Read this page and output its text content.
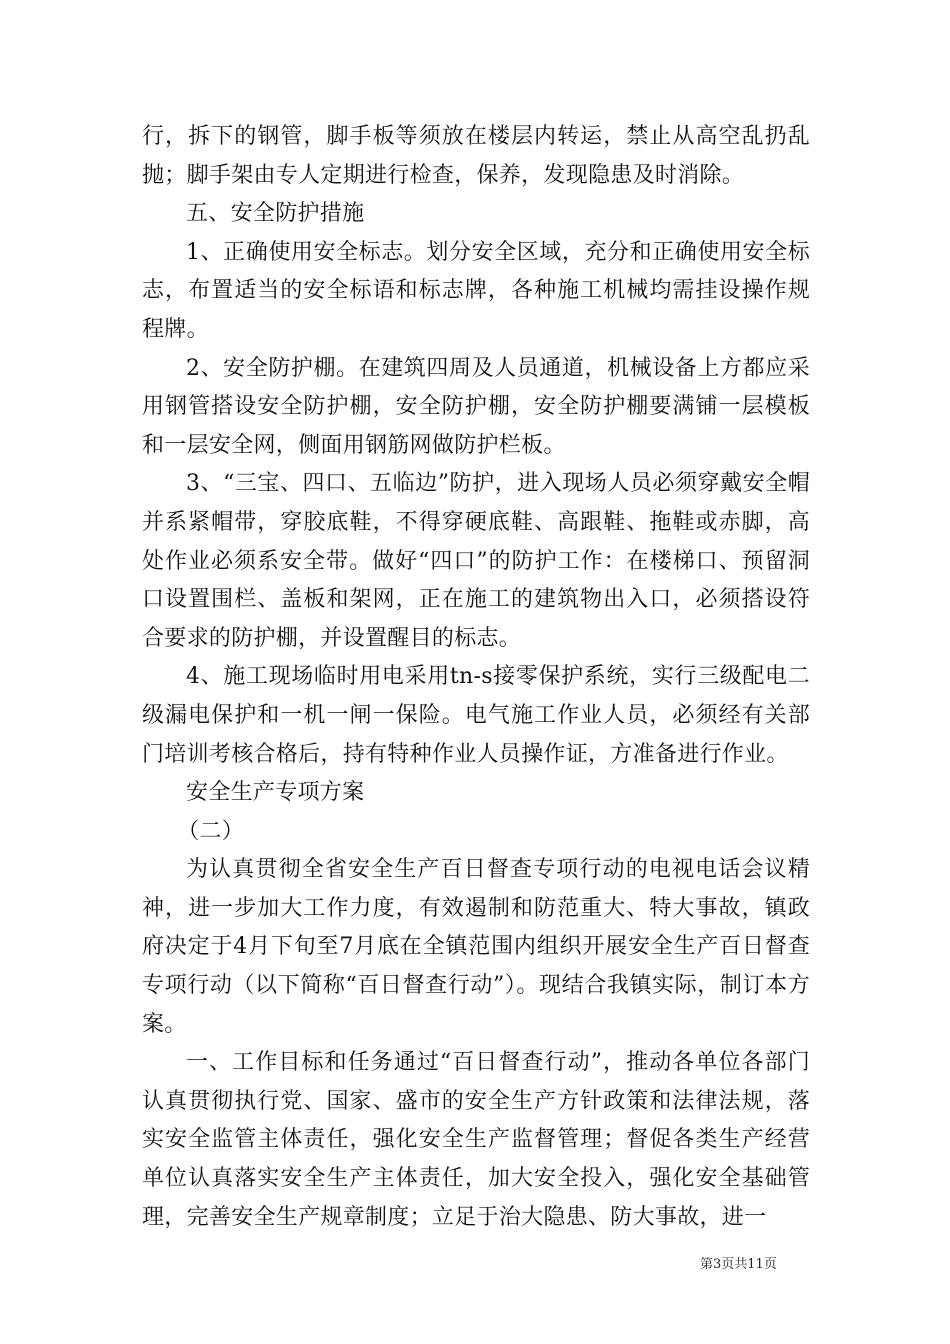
行，拆下的钢管，脚手板等须放在楼层内转运，禁止从高空乱扔乱抛；脚手架由专人定期进行检查，保养，发现隐患及时消除。

五、安全防护措施

1、正确使用安全标志。划分安全区域，充分和正确使用安全标志，布置适当的安全标语和标志牌，各种施工机械均需挂设操作规程牌。

2、安全防护棚。在建筑四周及人员通道，机械设备上方都应采用钢管搭设安全防护棚，安全防护棚，安全防护棚要满铺一层模板和一层安全网，侧面用钢筋网做防护栏板。

3、“三宝、四口、五临边”防护，进入现场人员必须穿戴安全帽并系紧帽带，穿胶底鞋，不得穿硬底鞋、高跟鞋、拖鞋或赤脚，高处作业必须系安全带。做好“四口”的防护工作：在楼梯口、预留洞口设置围栏、盖板和架网，正在施工的建筑物出入口，必须搭设符合要求的防护棚，并设置醒目的标志。

4、施工现场临时用电采用tn-s接零保护系统，实行三级配电二级漏电保护和一机一闸一保险。电气施工作业人员，必须经有关部门培训考核合格后，持有特种作业人员操作证，方准备进行作业。

安全生产专项方案

（二）

为认真贯彻全省安全生产百日督查专项行动的电视电话会议精神，进一步加大工作力度，有效遏制和防范重大、特大事故，镇政府决定于4月下旬至7月底在全镇范围内组织开展安全生产百日督查专项行动（以下简称“百日督查行动”）。现结合我镇实际，制订本方案。

一、工作目标和任务通过“百日督查行动”，推动各单位各部门认真贯彻执行党、国家、盛市的安全生产方针政策和法律法规，落实安全监管主体责任，强化安全生产监督管理；督促各类生产经营单位认真落实安全生产主体责任，加大安全投入，强化安全基础管理，完善安全生产规章制度；立足于治大隐患、防大事故，进一

第3页共11页
